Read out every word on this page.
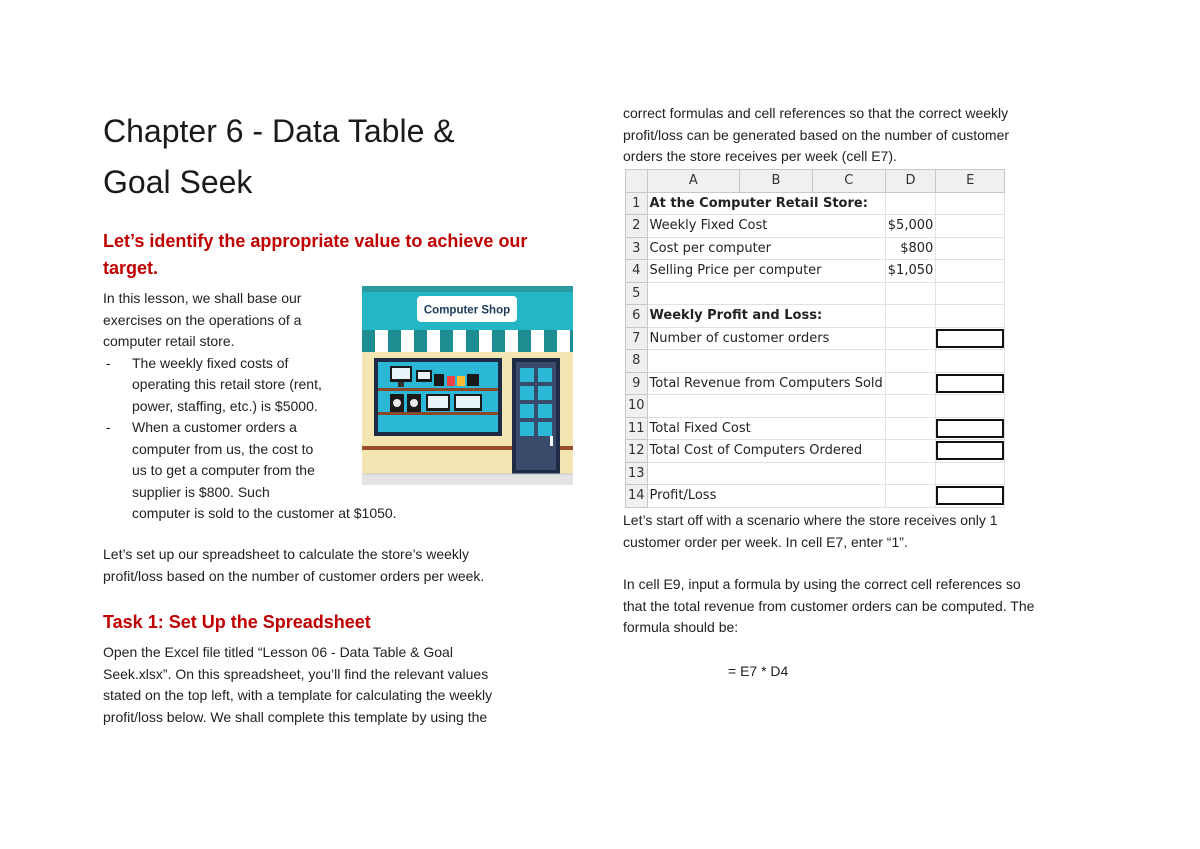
Chapter 6 - Data Table &
Goal Seek
Let’s identify the appropriate value to achieve our
target.
In this lesson, we shall base our
exercises on the operations of a
computer retail store.
- The weekly fixed costs of
operating this retail store (rent,
power, staffing, etc.) is $5000.
- When a customer orders a
computer from us, the cost to
us to get a computer from the
supplier is $800. Such
computer is sold to the customer at $1050.
Let’s set up our spreadsheet to calculate the store’s weekly
profit/loss based on the number of customer orders per week.
Task 1: Set Up the Spreadsheet
Open the Excel file titled “Lesson 06 - Data Table & Goal
Seek.xlsx”. On this spreadsheet, you’ll find the relevant values
stated on the top left, with a template for calculating the weekly
profit/loss below. We shall complete this template by using the
Computer Shop
correct formulas and cell references so that the correct weekly
profit/loss can be generated based on the number of customer
orders the store receives per week (cell E7).
	A	B	C	D	E
1	At the Computer Retail Store:				
2	Weekly Fixed Cost			$5,000	
3	Cost per computer			$800	
4	Selling Price per computer			$1,050	
5					
6	Weekly Profit and Loss:				
7	Number of customer orders				

8					
9	Total Revenue from Computers Sold				

10					
11	Total Fixed Cost				

12	Total Cost of Computers Ordered				

13					
14	Profit/Loss				
Let’s start off with a scenario where the store receives only 1
customer order per week. In cell E7, enter “1”.
In cell E9, input a formula by using the correct cell references so
that the total revenue from customer orders can be computed. The
formula should be:
= E7 * D4
